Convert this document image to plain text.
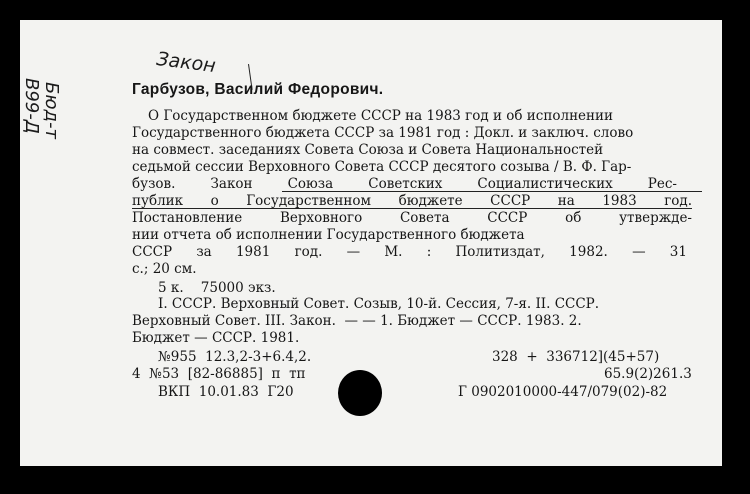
Закон
В99-Д Бюд-т	Гарбузов, Василий Федорович.
О Государственном бюджете СССР на 1983 год и об исполнении
Государственного бюджета СССР за 1981 год : Докл. и заключ. слово
на совмест. заседаниях Совета Союза и Совета Национальностей
седьмой сессии Верховного Совета СССР десятого созыва / В. Ф. Гар-
бузов. Закон Союза Советских Социалистических Рес-
публик о Государственном бюджете СССР на 1983 год.
Постановление Верховного Совета СССР об утвержде-
нии отчета об исполнении Государственного бюджета
СССР за 1981 год. — М. : Политиздат, 1982. — 31
с.; 20 см.
5 к.    75000 экз.
I. СССР. Верховный Совет. Созыв, 10-й. Сессия, 7-я. II. СССР.
Верховный Совет. III. Закон.  — — 1. Бюджет — СССР. 1983. 2.
Бюджет — СССР. 1981.
№955  12.3,2-3+6.4,2.	328  +  336712](45+57)
4  №53  [82-86885]  п  тп	65.9(2)261.3
ВКП  10.01.83  Г20	Г 0902010000-447/079(02)-82
